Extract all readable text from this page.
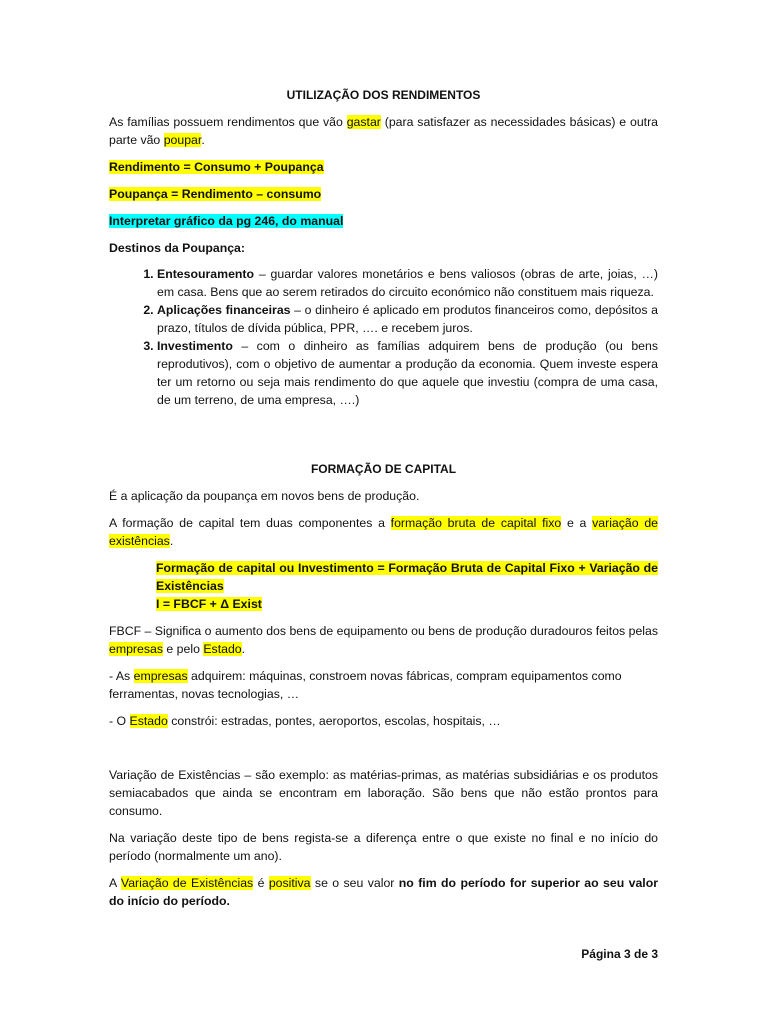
UTILIZAÇÃO DOS RENDIMENTOS

As famílias possuem rendimentos que vão gastar (para satisfazer as necessidades básicas) e outra parte vão poupar.

Rendimento = Consumo + Poupança

Poupança = Rendimento – consumo

Interpretar gráfico da pg 246, do manual

Destinos da Poupança:

1. Entesouramento – guardar valores monetários e bens valiosos (obras de arte, joias, …) em casa. Bens que ao serem retirados do circuito económico não constituem mais riqueza.
2. Aplicações financeiras – o dinheiro é aplicado em produtos financeiros como, depósitos a prazo, títulos de dívida pública, PPR, …. e recebem juros.
3. Investimento – com o dinheiro as famílias adquirem bens de produção (ou bens reprodutivos), com o objetivo de aumentar a produção da economia. Quem investe espera ter um retorno ou seja mais rendimento do que aquele que investiu (compra de uma casa, de um terreno, de uma empresa, ….)

FORMAÇÃO DE CAPITAL

É a aplicação da poupança em novos bens de produção.

A formação de capital tem duas componentes a formação bruta de capital fixo e a variação de existências.

Formação de capital ou Investimento = Formação Bruta de Capital Fixo + Variação de Existências

I = FBCF + Δ Exist

FBCF – Significa o aumento dos bens de equipamento ou bens de produção duradouros feitos pelas empresas e pelo Estado.

- As empresas adquirem: máquinas, constroem novas fábricas, compram equipamentos como ferramentas, novas tecnologias, …

- O Estado constrói: estradas, pontes, aeroportos, escolas, hospitais, …

Variação de Existências – são exemplo: as matérias-primas, as matérias subsidiárias e os produtos semiacabados que ainda se encontram em laboração. São bens que não estão prontos para consumo.

Na variação deste tipo de bens regista-se a diferença entre o que existe no final e no início do período (normalmente um ano).

A Variação de Existências é positiva se o seu valor no fim do período for superior ao seu valor do início do período.

Página 3 de 3
